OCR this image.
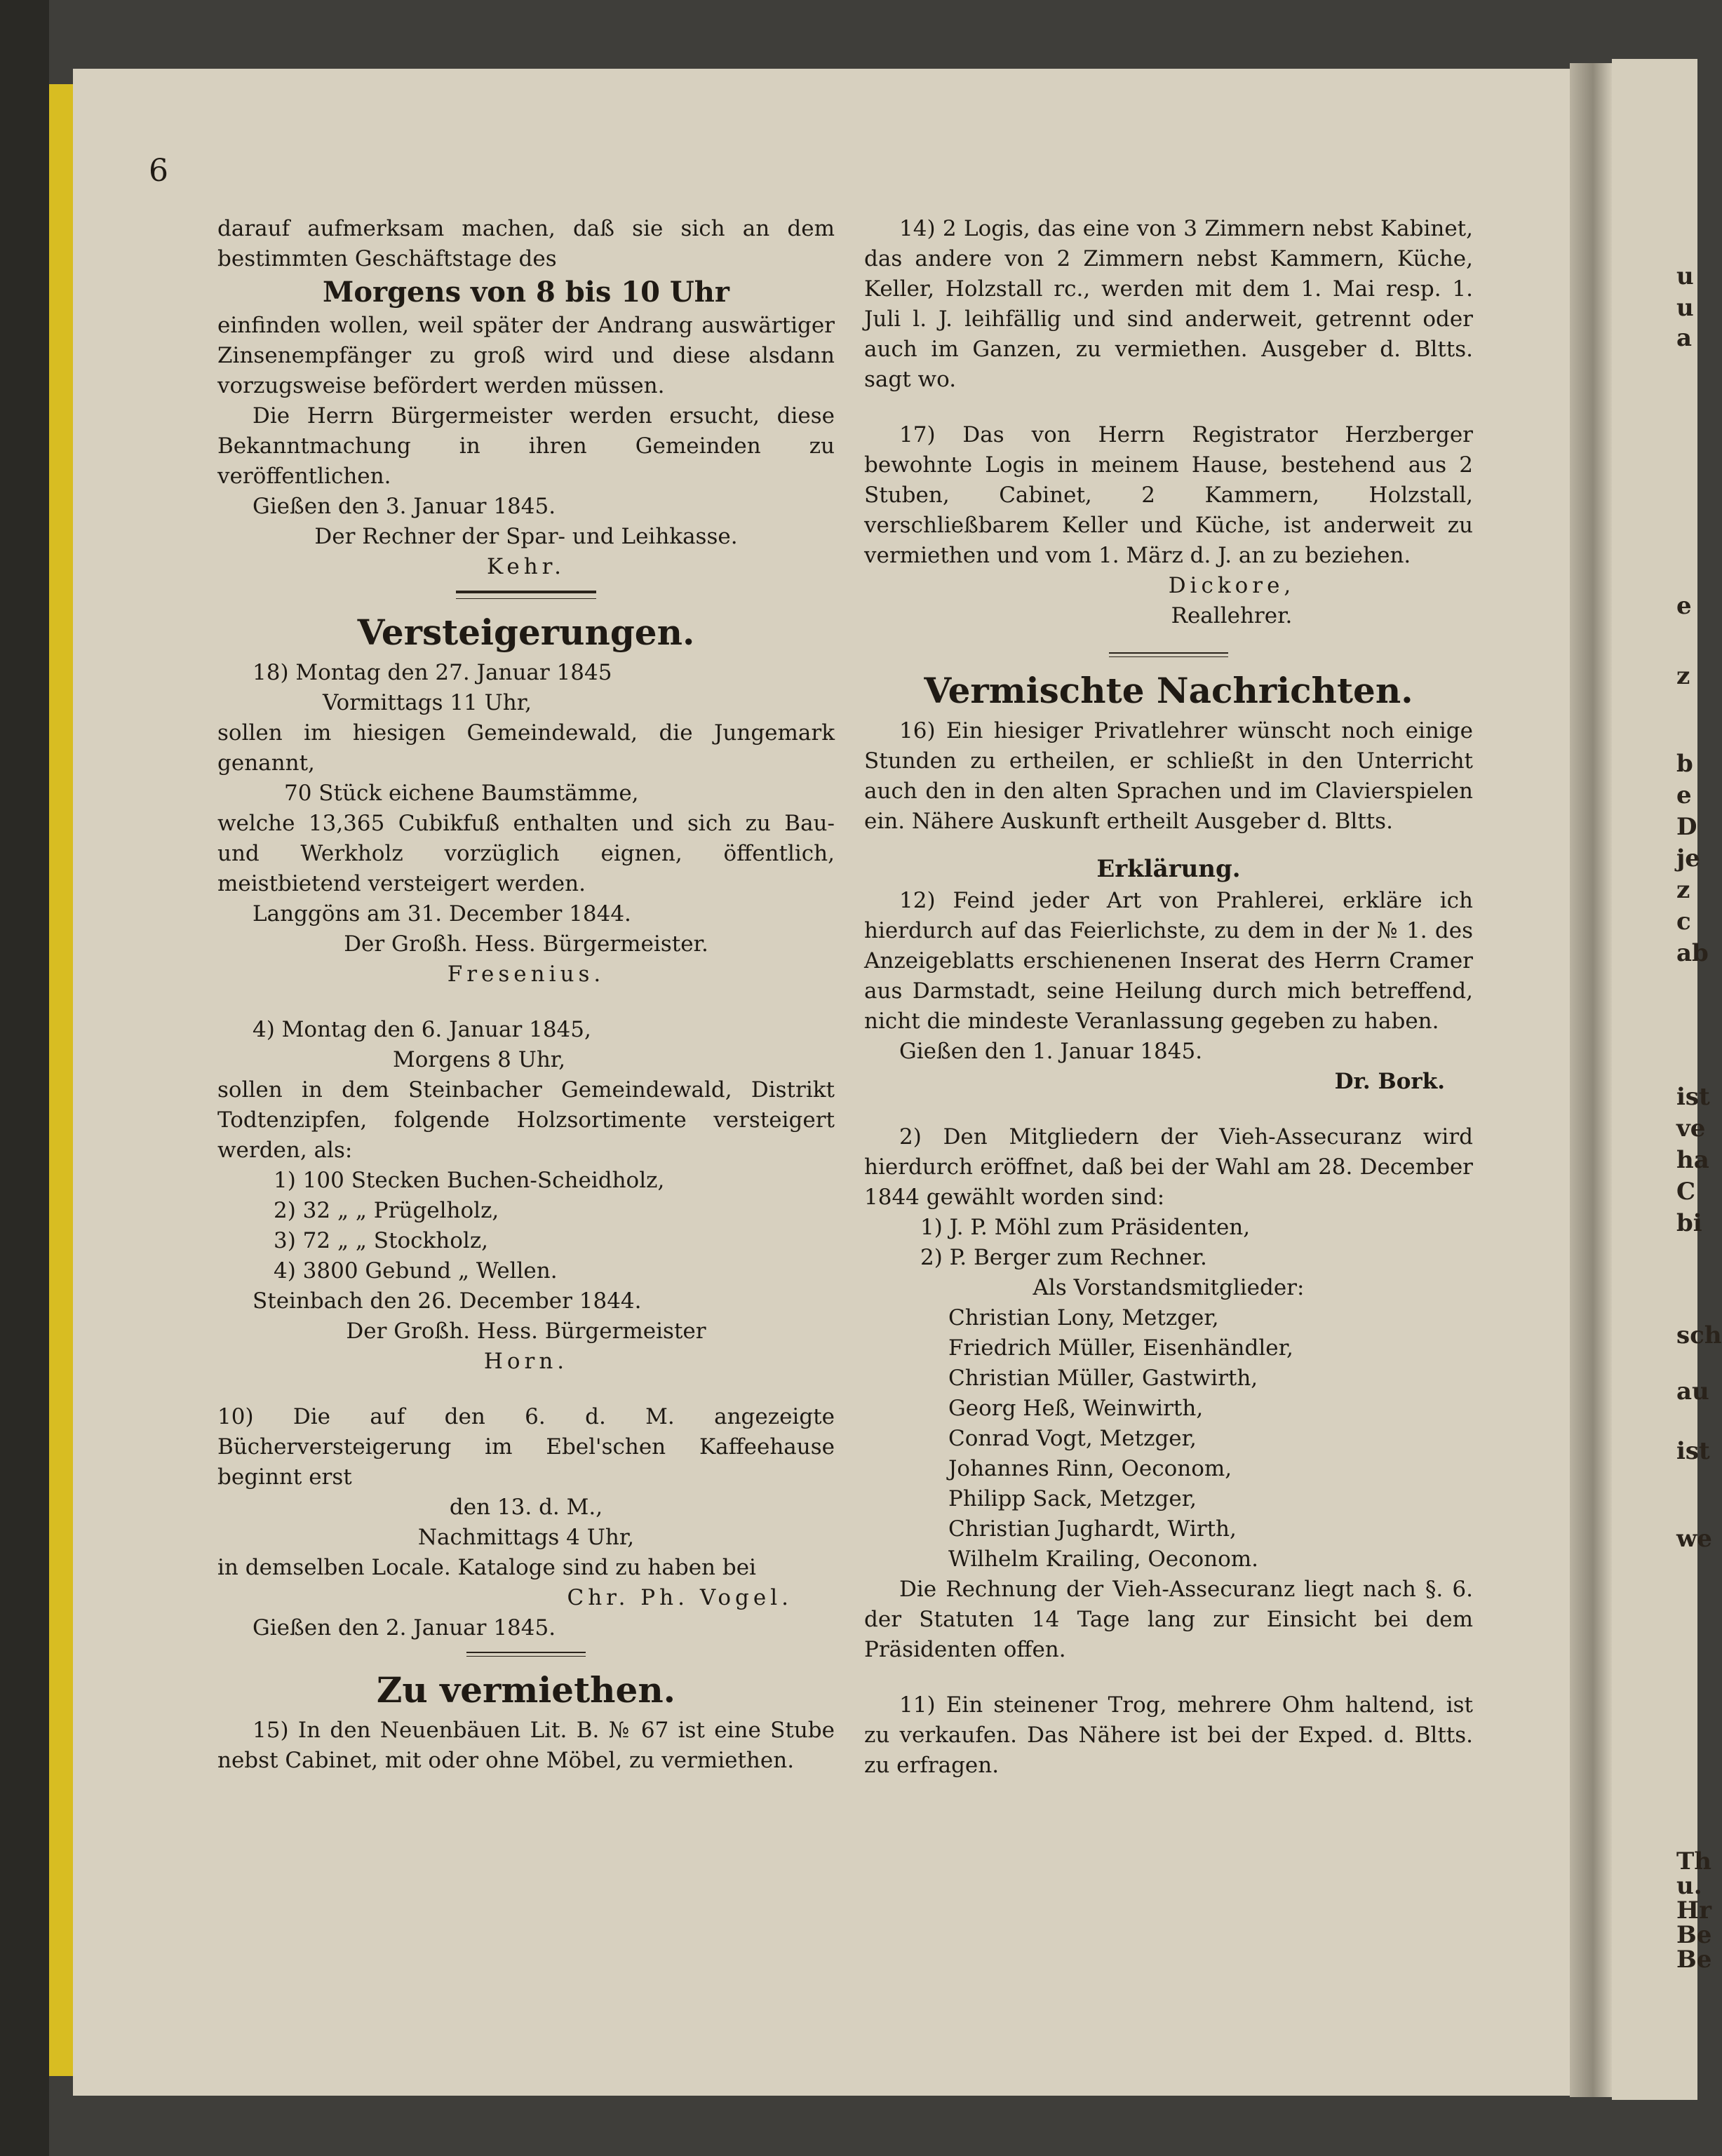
u
u
a
e
z
b
e
D
je
z
c
ab
ist
ve
ha
C
bi
sch
au
ist
we
Th
u.
Hr
Be
Be
6

darauf aufmerksam machen, daß sie sich an dem bestimmten Geschäftstage des

Morgens von 8 bis 10 Uhr

einfinden wollen, weil später der Andrang auswärtiger Zinsenempfänger zu groß wird und diese alsdann vorzugsweise befördert werden müssen.

Die Herrn Bürgermeister werden ersucht, diese Bekanntmachung in ihren Gemeinden zu veröffentlichen.

Gießen den 3. Januar 1845.

Der Rechner der Spar- und Leihkasse.

Kehr.

Versteigerungen.

18) Montag den 27. Januar 1845

Vormittags 11 Uhr,

sollen im hiesigen Gemeindewald, die Jungemark genannt,

70 Stück eichene Baumstämme,

welche 13,365 Cubikfuß enthalten und sich zu Bau- und Werkholz vorzüglich eignen, öffentlich, meistbietend versteigert werden.

Langgöns am 31. December 1844.

Der Großh. Hess. Bürgermeister.

Fresenius.

4) Montag den 6. Januar 1845,

Morgens 8 Uhr,

sollen in dem Steinbacher Gemeindewald, Distrikt Todtenzipfen, folgende Holzsortimente versteigert werden, als:

1) 100 Stecken Buchen-Scheidholz,

2) 32 „ „ Prügelholz,

3) 72 „ „ Stockholz,

4) 3800 Gebund „ Wellen.

Steinbach den 26. December 1844.

Der Großh. Hess. Bürgermeister

Horn.

10) Die auf den 6. d. M. angezeigte Bücherversteigerung im Ebel'schen Kaffeehause beginnt erst

den 13. d. M.,

Nachmittags 4 Uhr,

in demselben Locale. Kataloge sind zu haben bei

Chr. Ph. Vogel.

Gießen den 2. Januar 1845.

Zu vermiethen.

15) In den Neuenbäuen Lit. B. № 67 ist eine Stube nebst Cabinet, mit oder ohne Möbel, zu vermiethen.

14) 2 Logis, das eine von 3 Zimmern nebst Kabinet, das andere von 2 Zimmern nebst Kammern, Küche, Keller, Holzstall rc., werden mit dem 1. Mai resp. 1. Juli l. J. leihfällig und sind anderweit, getrennt oder auch im Ganzen, zu vermiethen. Ausgeber d. Bltts. sagt wo.

17) Das von Herrn Registrator Herzberger bewohnte Logis in meinem Hause, bestehend aus 2 Stuben, Cabinet, 2 Kammern, Holzstall, verschließbarem Keller und Küche, ist anderweit zu vermiethen und vom 1. März d. J. an zu beziehen.

Dickore,

Reallehrer.

Vermischte Nachrichten.

16) Ein hiesiger Privatlehrer wünscht noch einige Stunden zu ertheilen, er schließt in den Unterricht auch den in den alten Sprachen und im Clavierspielen ein. Nähere Auskunft ertheilt Ausgeber d. Bltts.

Erklärung.

12) Feind jeder Art von Prahlerei, erkläre ich hierdurch auf das Feierlichste, zu dem in der № 1. des Anzeigeblatts erschienenen Inserat des Herrn Cramer aus Darmstadt, seine Heilung durch mich betreffend, nicht die mindeste Veranlassung gegeben zu haben.

Gießen den 1. Januar 1845.

Dr. Bork.

2) Den Mitgliedern der Vieh-Assecuranz wird hierdurch eröffnet, daß bei der Wahl am 28. December 1844 gewählt worden sind:

1) J. P. Möhl zum Präsidenten,

2) P. Berger zum Rechner.

Als Vorstandsmitglieder:

Christian Lony, Metzger,

Friedrich Müller, Eisenhändler,

Christian Müller, Gastwirth,

Georg Heß, Weinwirth,

Conrad Vogt, Metzger,

Johannes Rinn, Oeconom,

Philipp Sack, Metzger,

Christian Jughardt, Wirth,

Wilhelm Krailing, Oeconom.

Die Rechnung der Vieh-Assecuranz liegt nach §. 6. der Statuten 14 Tage lang zur Einsicht bei dem Präsidenten offen.

11) Ein steinener Trog, mehrere Ohm haltend, ist zu verkaufen. Das Nähere ist bei der Exped. d. Bltts. zu erfragen.
